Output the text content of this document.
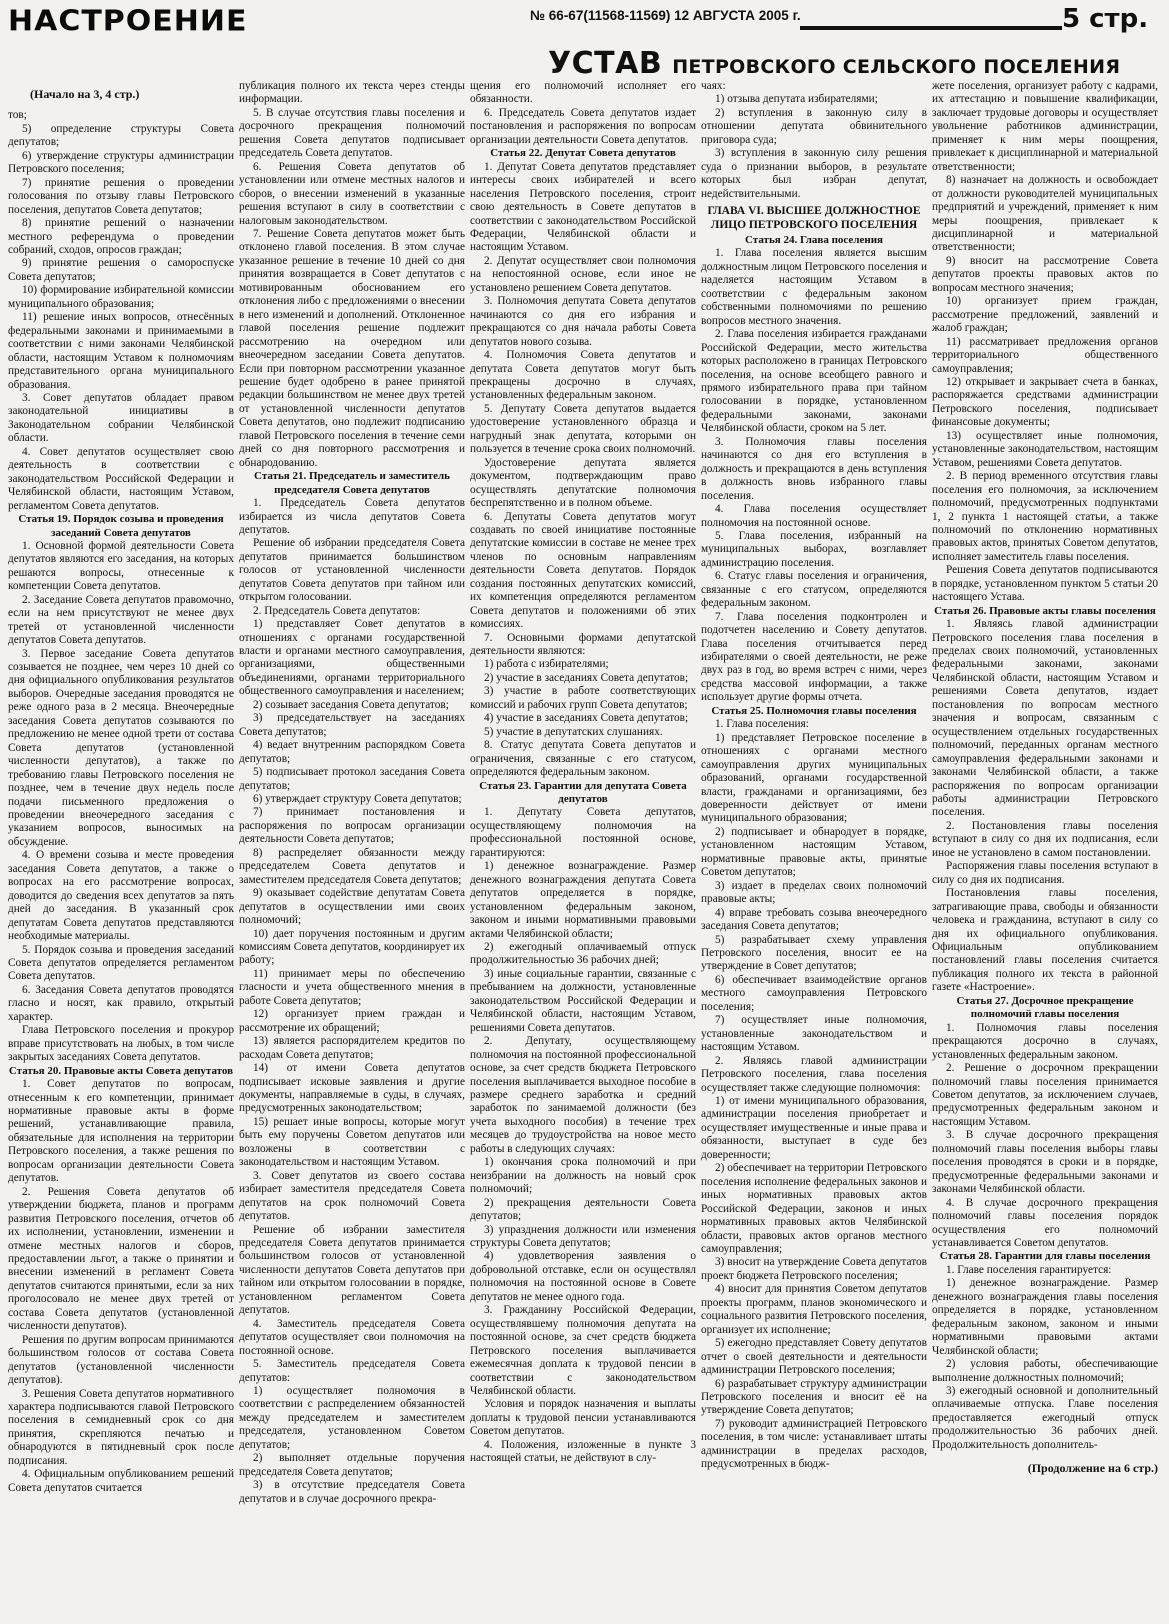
НАСТРОЕНИЕ	№ 66-67(11568-11569) 12 АВГУСТА 2005 г.	5 стр.
УСТАВ ПЕТРОВСКОГО СЕЛЬСКОГО ПОСЕЛЕНИЯ

(Начало на 3, 4 стр.)

тов;

5) определение структуры Совета депутатов;

6) утверждение структуры администрации Петровского поселения;

7) принятие решения о проведении голосования по отзыву главы Петровского поселения, депутатов Совета депутатов;

8) принятие решений о назначении местного референдума о проведении собраний, сходов, опросов граждан;

9) принятие решения о самороспуске Совета депутатов;

10) формирование избирательной комиссии муниципального образования;

11) решение иных вопросов, отнесённых федеральными законами и принимаемыми в соответствии с ними законами Челябинской области, настоящим Уставом к полномочиям представительного органа муниципального образования.

3. Совет депутатов обладает правом законодательной инициативы в Законодательном собрании Челябинской области.

4. Совет депутатов осуществляет свою деятельность в соответствии с законодательством Российской Федерации и Челябинской области, настоящим Уставом, регламентом Совета депутатов.

Статья 19. Порядок созыва и проведения заседаний Совета депутатов

1. Основной формой деятельности Совета депутатов являются его заседания, на которых решаются вопросы, отнесенные к компетенции Совета депутатов.

2. Заседание Совета депутатов правомочно, если на нем присутствуют не менее двух третей от установленной численности депутатов Совета депутатов.

3. Первое заседание Совета депутатов созывается не позднее, чем через 10 дней со дня официального опубликования результатов выборов. Очередные заседания проводятся не реже одного раза в 2 месяца. Внеочередные заседания Совета депутатов созываются по предложению не менее одной трети от состава Совета депутатов (установленной численности депутатов), а также по требованию главы Петровского поселения не позднее, чем в течение двух недель после подачи письменного предложения о проведении внеочередного заседания с указанием вопросов, выносимых на обсуждение.

4. О времени созыва и месте проведения заседания Совета депутатов, а также о вопросах на его рассмотрение вопросах, доводится до сведения всех депутатов за пять дней до заседания. В указанный срок депутатам Совета депутатов представляются необходимые материалы.

5. Порядок созыва и проведения заседаний Совета депутатов определяется регламентом Совета депутатов.

6. Заседания Совета депутатов проводятся гласно и носят, как правило, открытый характер.

Глава Петровского поселения и прокурор вправе присутствовать на любых, в том числе закрытых заседаниях Совета депутатов.

Статья 20. Правовые акты Совета депутатов

1. Совет депутатов по вопросам, отнесенным к его компетенции, принимает нормативные правовые акты в форме решений, устанавливающие правила, обязательные для исполнения на территории Петровского поселения, а также решения по вопросам организации деятельности Совета депутатов.

2. Решения Совета депутатов об утверждении бюджета, планов и программ развития Петровского поселения, отчетов об их исполнении, установлении, изменении и отмене местных налогов и сборов, предоставлении льгот, а также о принятии и внесении изменений в регламент Совета депутатов считаются принятыми, если за них проголосовало не менее двух третей от состава Совета депутатов (установленной численности депутатов).

Решения по другим вопросам принимаются большинством голосов от состава Совета депутатов (установленной численности депутатов).

3. Решения Совета депутатов нормативного характера подписываются главой Петровского поселения в семидневный срок со дня принятия, скрепляются печатью и обнародуются в пятидневный срок после подписания.

4. Официальным опубликованием решений Совета депутатов считается

публикация полного их текста через стенды информации.

5. В случае отсутствия главы поселения и досрочного прекращения полномочий решения Совета депутатов подписывает председатель Совета депутатов.

6. Решения Совета депутатов об установлении или отмене местных налогов и сборов, о внесении изменений в указанные решения вступают в силу в соответствии с налоговым законодательством.

7. Решение Совета депутатов может быть отклонено главой поселения. В этом случае указанное решение в течение 10 дней со дня принятия возвращается в Совет депутатов с мотивированным обоснованием его отклонения либо с предложениями о внесении в него изменений и дополнений. Отклоненное главой поселения решение подлежит рассмотрению на очередном или внеочередном заседании Совета депутатов. Если при повторном рассмотрении указанное решение будет одобрено в ранее принятой редакции большинством не менее двух третей от установленной численности депутатов Совета депутатов, оно подлежит подписанию главой Петровского поселения в течение семи дней со дня повторного рассмотрения и обнародованию.

Статья 21. Председатель и заместитель председателя Совета депутатов

1. Председатель Совета депутатов избирается из числа депутатов Совета депутатов.

Решение об избрании председателя Совета депутатов принимается большинством голосов от установленной численности депутатов Совета депутатов при тайном или открытом голосовании.

2. Председатель Совета депутатов:

1) представляет Совет депутатов в отношениях с органами государственной власти и органами местного самоуправления, организациями, общественными объединениями, органами территориального общественного самоуправления и населением;

2) созывает заседания Совета депутатов;

3) председательствует на заседаниях Совета депутатов;

4) ведает внутренним распорядком Совета депутатов;

5) подписывает протокол заседания Совета депутатов;

6) утверждает структуру Совета депутатов;

7) принимает постановления и распоряжения по вопросам организации деятельности Совета депутатов;

8) распределяет обязанности между председателем Совета депутатов и заместителем председателя Совета депутатов;

9) оказывает содействие депутатам Совета депутатов в осуществлении ими своих полномочий;

10) дает поручения постоянным и другим комиссиям Совета депутатов, координирует их работу;

11) принимает меры по обеспечению гласности и учета общественного мнения в работе Совета депутатов;

12) организует прием граждан и рассмотрение их обращений;

13) является распорядителем кредитов по расходам Совета депутатов;

14) от имени Совета депутатов подписывает исковые заявления и другие документы, направляемые в суды, в случаях, предусмотренных законодательством;

15) решает иные вопросы, которые могут быть ему поручены Советом депутатов или возложены в соответствии с законодательством и настоящим Уставом.

3. Совет депутатов из своего состава избирает заместителя председателя Совета депутатов на срок полномочий Совета депутатов.

Решение об избрании заместителя председателя Совета депутатов принимается большинством голосов от установленной численности депутатов Совета депутатов при тайном или открытом голосовании в порядке, установленном регламентом Совета депутатов.

4. Заместитель председателя Совета депутатов осуществляет свои полномочия на постоянной основе.

5. Заместитель председателя Совета депутатов:

1) осуществляет полномочия в соответствии с распределением обязанностей между председателем и заместителем председателя, установленном Советом депутатов;

2) выполняет отдельные поручения председателя Совета депутатов;

3) в отсутствие председателя Совета депутатов и в случае досрочного прекра-

щения его полномочий исполняет его обязанности.

6. Председатель Совета депутатов издает постановления и распоряжения по вопросам организации деятельности Совета депутатов.

Статья 22. Депутат Совета депутатов

1. Депутат Совета депутатов представляет интересы своих избирателей и всего населения Петровского поселения, строит свою деятельность в Совете депутатов в соответствии с законодательством Российской Федерации, Челябинской области и настоящим Уставом.

2. Депутат осуществляет свои полномочия на непостоянной основе, если иное не установлено решением Совета депутатов.

3. Полномочия депутата Совета депутатов начинаются со дня его избрания и прекращаются со дня начала работы Совета депутатов нового созыва.

4. Полномочия Совета депутатов и депутата Совета депутатов могут быть прекращены досрочно в случаях, установленных федеральным законом.

5. Депутату Совета депутатов выдается удостоверение установленного образца и нагрудный знак депутата, которыми он пользуется в течение срока своих полномочий.

Удостоверение депутата является документом, подтверждающим право осуществлять депутатские полномочия беспрепятственно и в полном объеме.

6. Депутаты Совета депутатов могут создавать по своей инициативе постоянные депутатские комиссии в составе не менее трех членов по основным направлениям деятельности Совета депутатов. Порядок создания постоянных депутатских комиссий, их компетенция определяются регламентом Совета депутатов и положениями об этих комиссиях.

7. Основными формами депутатской деятельности являются:

1) работа с избирателями;

2) участие в заседаниях Совета депутатов;

3) участие в работе соответствующих комиссий и рабочих групп Совета депутатов;

4) участие в заседаниях Совета депутатов;

5) участие в депутатских слушаниях.

8. Статус депутата Совета депутатов и ограничения, связанные с его статусом, определяются федеральным законом.

Статья 23. Гарантии для депутата Совета депутатов

1. Депутату Совета депутатов, осуществляющему полномочия на профессиональной постоянной основе, гарантируются:

1) денежное вознаграждение. Размер денежного вознаграждения депутата Совета депутатов определяется в порядке, установленном федеральным законом, законом и иными нормативными правовыми актами Челябинской области;

2) ежегодный оплачиваемый отпуск продолжительностью 36 рабочих дней;

3) иные социальные гарантии, связанные с пребыванием на должности, установленные законодательством Российской Федерации и Челябинской области, настоящим Уставом, решениями Совета депутатов.

2. Депутату, осуществляющему полномочия на постоянной профессиональной основе, за счет средств бюджета Петровского поселения выплачивается выходное пособие в размере среднего заработка и средний заработок по занимаемой должности (без учета выходного пособия) в течение трех месяцев до трудоустройства на новое место работы в следующих случаях:

1) окончания срока полномочий и при неизбрании на должность на новый срок полномочий;

2) прекращения деятельности Совета депутатов;

3) упразднения должности или изменения структуры Совета депутатов;

4) удовлетворения заявления о добровольной отставке, если он осуществлял полномочия на постоянной основе в Совете депутатов не менее одного года.

3. Гражданину Российской Федерации, осуществлявшему полномочия депутата на постоянной основе, за счет средств бюджета Петровского поселения выплачивается ежемесячная доплата к трудовой пенсии в соответствии с законодательством Челябинской области.

Условия и порядок назначения и выплаты доплаты к трудовой пенсии устанавливаются Советом депутатов.

4. Положения, изложенные в пункте 3 настоящей статьи, не действуют в слу-

чаях:

1) отзыва депутата избирателями;

2) вступления в законную силу в отношении депутата обвинительного приговора суда;

3) вступления в законную силу решения суда о признании выборов, в результате которых был избран депутат, недействительными.

ГЛАВА VI. ВЫСШЕЕ ДОЛЖНОСТНОЕ ЛИЦО ПЕТРОВСКОГО ПОСЕЛЕНИЯ

Статья 24. Глава поселения

1. Глава поселения является высшим должностным лицом Петровского поселения и наделяется настоящим Уставом в соответствии с федеральным законом собственными полномочиями по решению вопросов местного значения.

2. Глава поселения избирается гражданами Российской Федерации, место жительства которых расположено в границах Петровского поселения, на основе всеобщего равного и прямого избирательного права при тайном голосовании в порядке, установленном федеральными законами, законами Челябинской области, сроком на 5 лет.

3. Полномочия главы поселения начинаются со дня его вступления в должность и прекращаются в день вступления в должность вновь избранного главы поселения.

4. Глава поселения осуществляет полномочия на постоянной основе.

5. Глава поселения, избранный на муниципальных выборах, возглавляет администрацию поселения.

6. Статус главы поселения и ограничения, связанные с его статусом, определяются федеральным законом.

7. Глава поселения подконтролен и подотчетен населению и Совету депутатов. Глава поселения отчитывается перед избирателями о своей деятельности, не реже двух раз в год, во время встреч с ними, через средства массовой информации, а также использует другие формы отчета.

Статья 25. Полномочия главы поселения

1. Глава поселения:

1) представляет Петровское поселение в отношениях с органами местного самоуправления других муниципальных образований, органами государственной власти, гражданами и организациями, без доверенности действует от имени муниципального образования;

2) подписывает и обнародует в порядке, установленном настоящим Уставом, нормативные правовые акты, принятые Советом депутатов;

3) издает в пределах своих полномочий правовые акты;

4) вправе требовать созыва внеочередного заседания Совета депутатов;

5) разрабатывает схему управления Петровского поселения, вносит ее на утверждение в Совет депутатов;

6) обеспечивает взаимодействие органов местного самоуправления Петровского поселения;

7) осуществляет иные полномочия, установленные законодательством и настоящим Уставом.

2. Являясь главой администрации Петровского поселения, глава поселения осуществляет также следующие полномочия:

1) от имени муниципального образования, администрации поселения приобретает и осуществляет имущественные и иные права и обязанности, выступает в суде без доверенности;

2) обеспечивает на территории Петровского поселения исполнение федеральных законов и иных нормативных правовых актов Российской Федерации, законов и иных нормативных правовых актов Челябинской области, правовых актов органов местного самоуправления;

3) вносит на утверждение Совета депутатов проект бюджета Петровского поселения;

4) вносит для принятия Советом депутатов проекты программ, планов экономического и социального развития Петровского поселения, организует их исполнение;

5) ежегодно представляет Совету депутатов отчет о своей деятельности и деятельности администрации Петровского поселения;

6) разрабатывает структуру администрации Петровского поселения и вносит её на утверждение Совета депутатов;

7) руководит администрацией Петровского поселения, в том числе: устанавливает штаты администрации в пределах расходов, предусмотренных в бюдж-

жете поселения, организует работу с кадрами, их аттестацию и повышение квалификации, заключает трудовые договоры и осуществляет увольнение работников администрации, применяет к ним меры поощрения, привлекает к дисциплинарной и материальной ответственности;

8) назначает на должность и освобождает от должности руководителей муниципальных предприятий и учреждений, применяет к ним меры поощрения, привлекает к дисциплинарной и материальной ответственности;

9) вносит на рассмотрение Совета депутатов проекты правовых актов по вопросам местного значения;

10) организует прием граждан, рассмотрение предложений, заявлений и жалоб граждан;

11) рассматривает предложения органов территориального общественного самоуправления;

12) открывает и закрывает счета в банках, распоряжается средствами администрации Петровского поселения, подписывает финансовые документы;

13) осуществляет иные полномочия, установленные законодательством, настоящим Уставом, решениями Совета депутатов.

2. В период временного отсутствия главы поселения его полномочия, за исключением полномочий, предусмотренных подпунктами 1, 2 пункта 1 настоящей статьи, а также полномочий по отклонению нормативных правовых актов, принятых Советом депутатов, исполняет заместитель главы поселения.

Решения Совета депутатов подписываются в порядке, установленном пунктом 5 статьи 20 настоящего Устава.

Статья 26. Правовые акты главы поселения

1. Являясь главой администрации Петровского поселения глава поселения в пределах своих полномочий, установленных федеральными законами, законами Челябинской области, настоящим Уставом и решениями Совета депутатов, издает постановления по вопросам местного значения и вопросам, связанным с осуществлением отдельных государственных полномочий, переданных органам местного самоуправления федеральными законами и законами Челябинской области, а также распоряжения по вопросам организации работы администрации Петровского поселения.

2. Постановления главы поселения вступают в силу со дня их подписания, если иное не установлено в самом постановлении.

Распоряжения главы поселения вступают в силу со дня их подписания.

Постановления главы поселения, затрагивающие права, свободы и обязанности человека и гражданина, вступают в силу со дня их официального опубликования. Официальным опубликованием постановлений главы поселения считается публикация полного их текста в районной газете «Настроение».

Статья 27. Досрочное прекращение полномочий главы поселения

1. Полномочия главы поселения прекращаются досрочно в случаях, установленных федеральным законом.

2. Решение о досрочном прекращении полномочий главы поселения принимается Советом депутатов, за исключением случаев, предусмотренных федеральным законом и настоящим Уставом.

3. В случае досрочного прекращения полномочий главы поселения выборы главы поселения проводятся в сроки и в порядке, предусмотренные федеральными законами и законами Челябинской области.

4. В случае досрочного прекращения полномочий главы поселения порядок осуществления его полномочий устанавливается Советом депутатов.

Статья 28. Гарантии для главы поселения

1. Главе поселения гарантируется:

1) денежное вознаграждение. Размер денежного вознаграждения главы поселения определяется в порядке, установленном федеральным законом, законом и иными нормативными правовыми актами Челябинской области;

2) условия работы, обеспечивающие выполнение должностных полномочий;

3) ежегодный основной и дополнительный оплачиваемые отпуска. Главе поселения предоставляется ежегодный отпуск продолжительностью 36 рабочих дней. Продолжительность дополнитель-

(Продолжение на 6 стр.)
